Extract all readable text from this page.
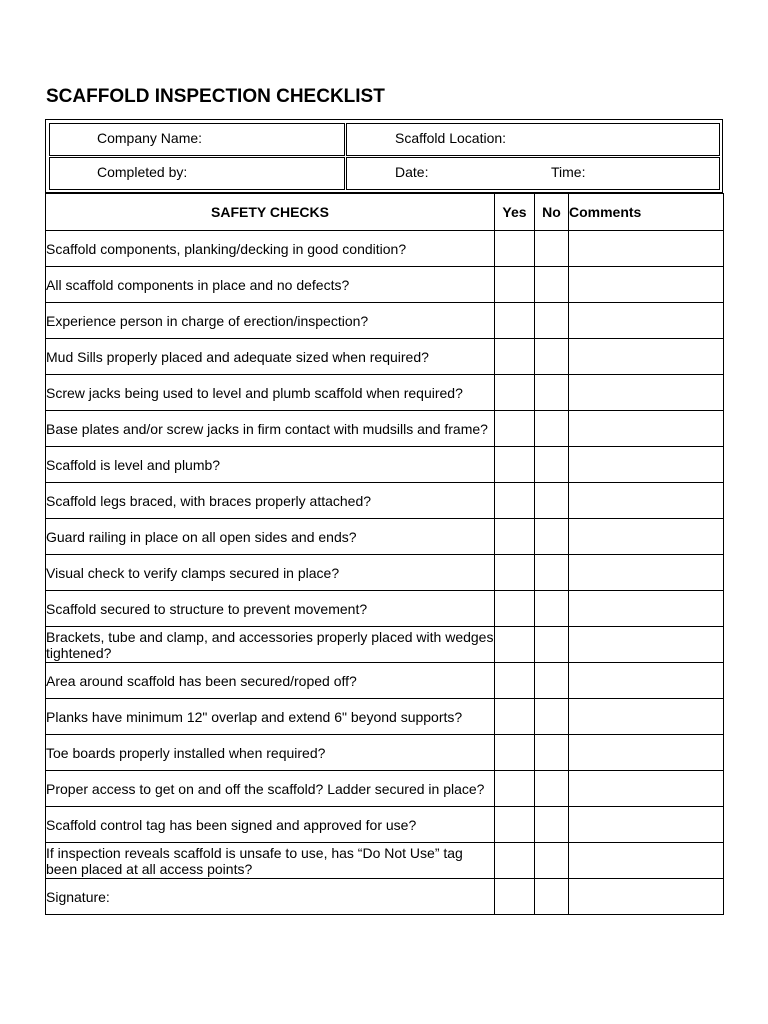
SCAFFOLD INSPECTION CHECKLIST
Company Name:	Scaffold Location:
Completed by:	Date:	Time:
SAFETY CHECKS	Yes	No	Comments
Scaffold components, planking/decking in good condition?			
All scaffold components in place and no defects?			
Experience person in charge of erection/inspection?			
Mud Sills properly placed and adequate sized when required?			
Screw jacks being used to level and plumb scaffold when required?			
Base plates and/or screw jacks in firm contact with mudsills and frame?			
Scaffold is level and plumb?			
Scaffold legs braced, with braces properly attached?			
Guard railing in place on all open sides and ends?			
Visual check to verify clamps secured in place?			
Scaffold secured to structure to prevent movement?			
Brackets, tube and clamp, and accessories properly placed with wedges tightened?			
Area around scaffold has been secured/roped off?			
Planks have minimum 12" overlap and extend 6" beyond supports?			
Toe boards properly installed when required?			
Proper access to get on and off the scaffold? Ladder secured in place?			
Scaffold control tag has been signed and approved for use?			
If inspection reveals scaffold is unsafe to use, has “Do Not Use” tag been placed at all access points?			
Signature:			
